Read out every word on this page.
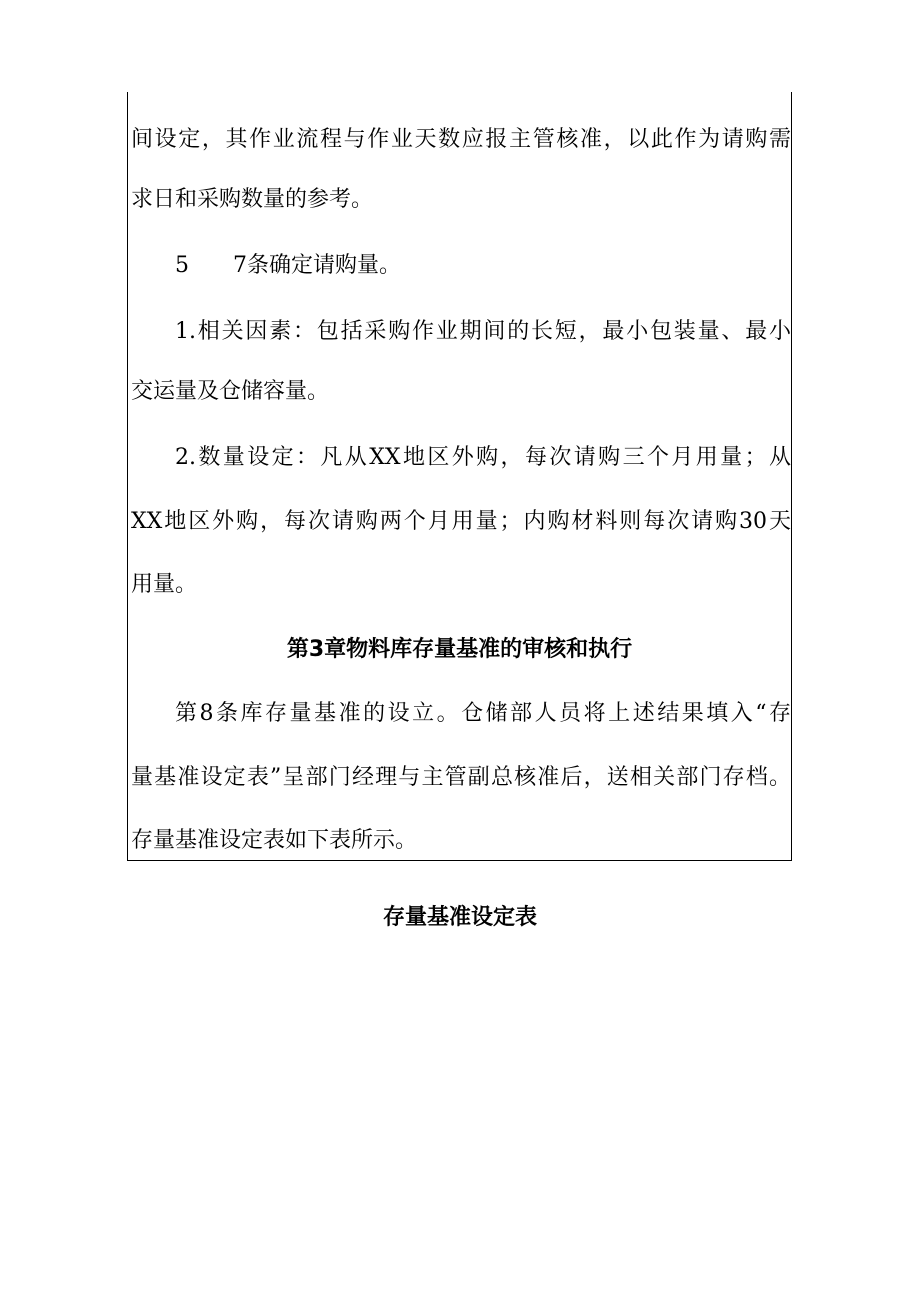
间设定，其作业流程与作业天数应报主管核准，以此作为请购需
求日和采购数量的参考。
5　　7条确定请购量。
1.相关因素：包括采购作业期间的长短，最小包装量、最小
交运量及仓储容量。
2.数量设定：凡从XX地区外购，每次请购三个月用量；从
XX地区外购，每次请购两个月用量；内购材料则每次请购30天
用量。
第3章物料库存量基准的审核和执行
第8条库存量基准的设立。仓储部人员将上述结果填入“存
量基准设定表”呈部门经理与主管副总核准后，送相关部门存档。
存量基准设定表如下表所示。
存量基准设定表
